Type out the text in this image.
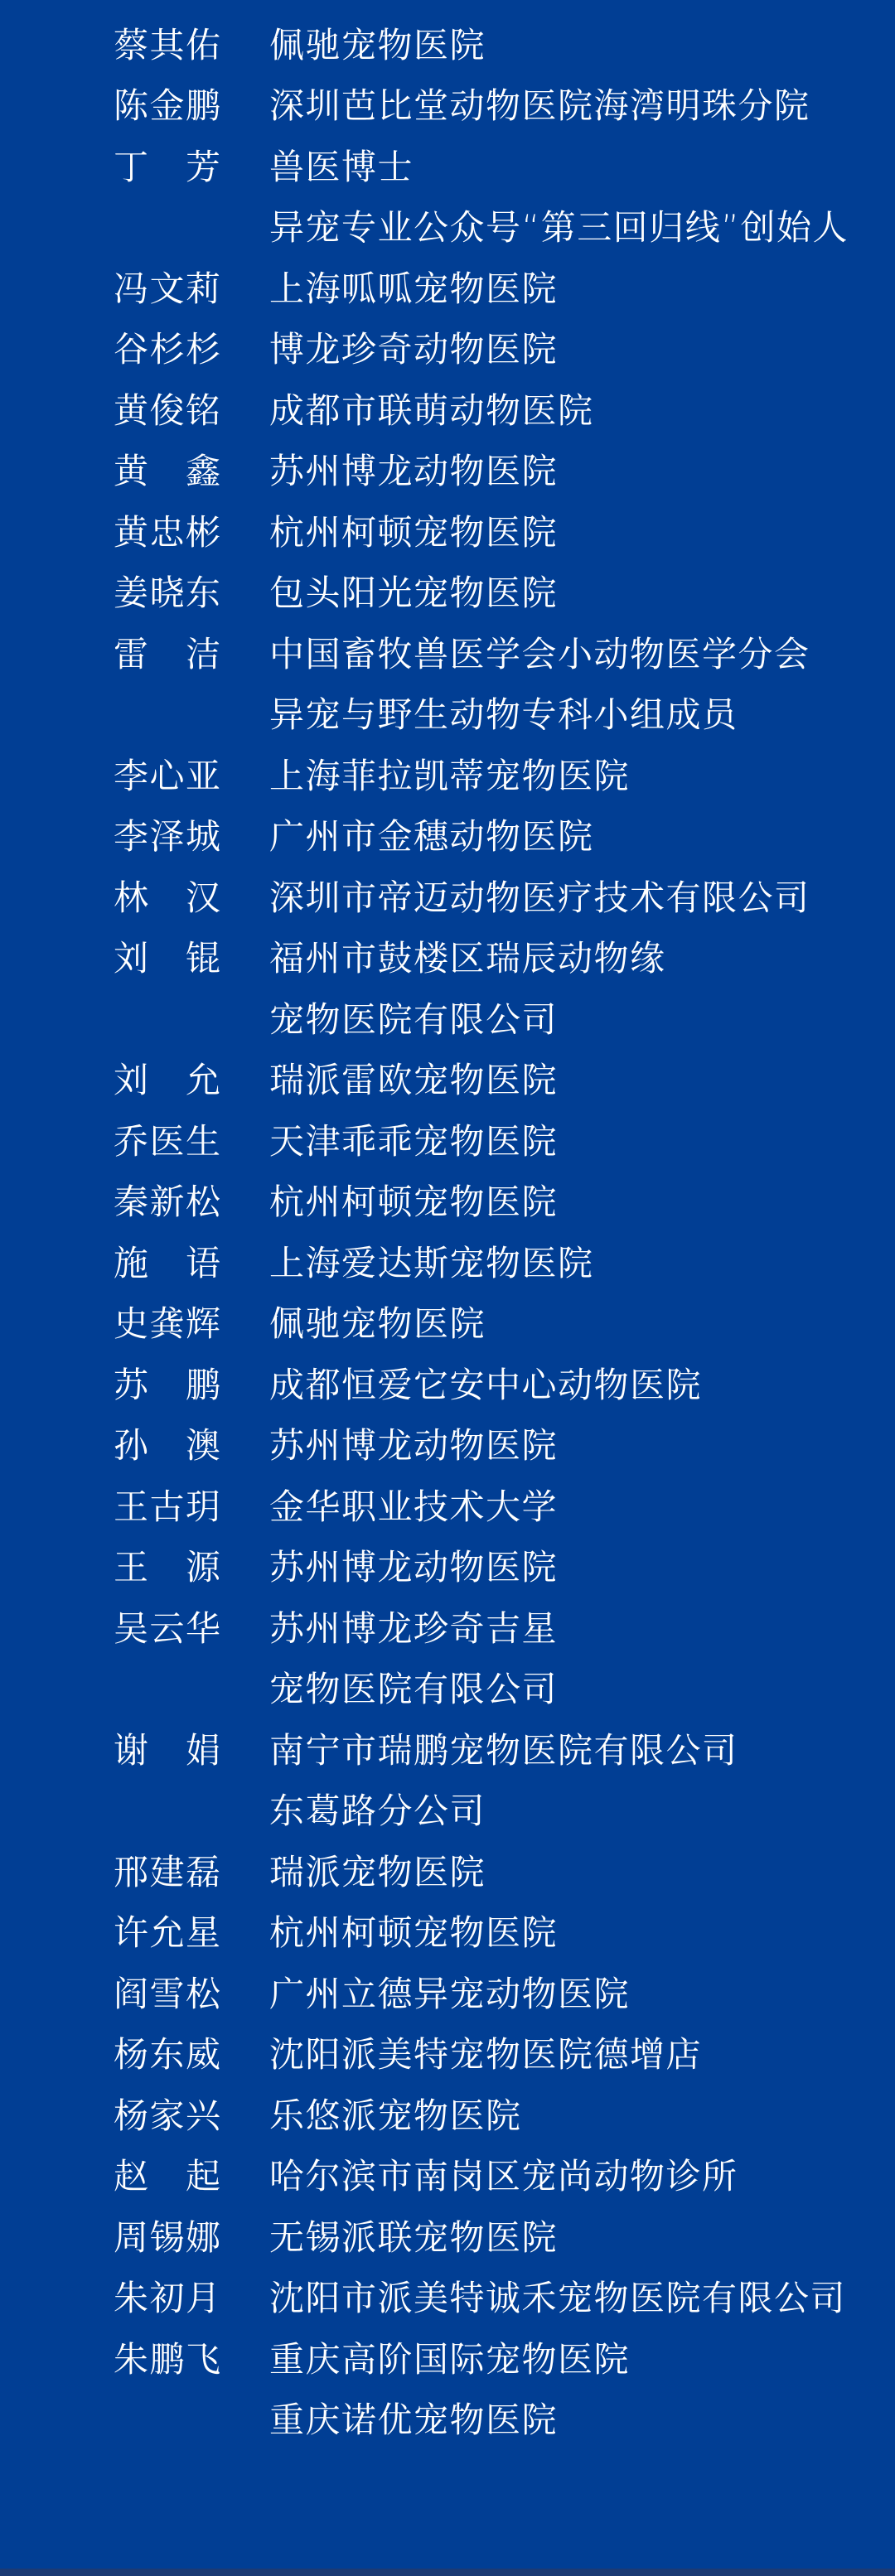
蔡其佑 佩驰宠物医院
陈金鹏 深圳芭比堂动物医院海湾明珠分院
丁　芳 兽医博士
异宠专业公众号“第三回归线”创始人
冯文莉 上海呱呱宠物医院
谷杉杉 博龙珍奇动物医院
黄俊铭 成都市联萌动物医院
黄　鑫 苏州博龙动物医院
黄忠彬 杭州柯顿宠物医院
姜晓东 包头阳光宠物医院
雷　洁 中国畜牧兽医学会小动物医学分会
异宠与野生动物专科小组成员
李心亚 上海菲拉凯蒂宠物医院
李泽城 广州市金穗动物医院
林　汉 深圳市帝迈动物医疗技术有限公司
刘　锟 福州市鼓楼区瑞辰动物缘
宠物医院有限公司
刘　允 瑞派雷欧宠物医院
乔医生 天津乖乖宠物医院
秦新松 杭州柯顿宠物医院
施　语 上海爱达斯宠物医院
史龚辉 佩驰宠物医院
苏　鹏 成都恒爱它安中心动物医院
孙　澳 苏州博龙动物医院
王古玥 金华职业技术大学
王　源 苏州博龙动物医院
吴云华 苏州博龙珍奇吉星
宠物医院有限公司
谢　娟 南宁市瑞鹏宠物医院有限公司
东葛路分公司
邢建磊 瑞派宠物医院
许允星 杭州柯顿宠物医院
阎雪松 广州立德异宠动物医院
杨东威 沈阳派美特宠物医院德增店
杨家兴 乐悠派宠物医院
赵　起 哈尔滨市南岗区宠尚动物诊所
周锡娜 无锡派联宠物医院
朱初月 沈阳市派美特诚禾宠物医院有限公司
朱鹏飞 重庆高阶国际宠物医院
重庆诺优宠物医院
